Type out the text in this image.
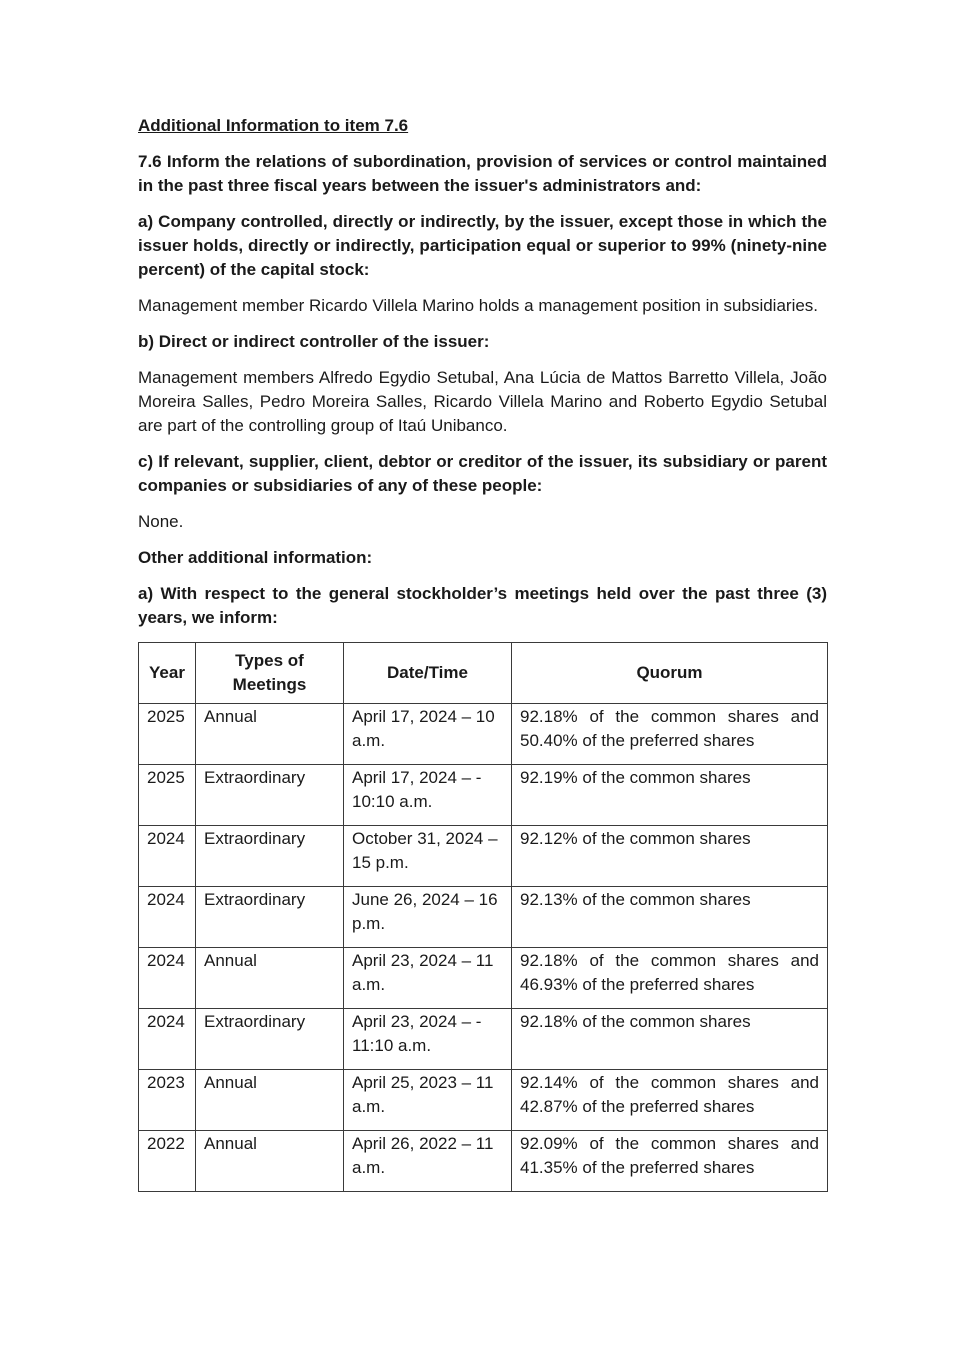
Additional Information to item 7.6

7.6 Inform the relations of subordination, provision of services or control maintained in the past three fiscal years between the issuer's administrators and:

a) Company controlled, directly or indirectly, by the issuer, except those in which the issuer holds, directly or indirectly, participation equal or superior to 99% (ninety-nine percent) of the capital stock:

Management member Ricardo Villela Marino holds a management position in subsidiaries.

b) Direct or indirect controller of the issuer:

Management members Alfredo Egydio Setubal, Ana Lúcia de Mattos Barretto Villela, João Moreira Salles, Pedro Moreira Salles, Ricardo Villela Marino and Roberto Egydio Setubal are part of the controlling group of Itaú Unibanco.

c) If relevant, supplier, client, debtor or creditor of the issuer, its subsidiary or parent companies or subsidiaries of any of these people:

None.

Other additional information:

a) With respect to the general stockholder’s meetings held over the past three (3) years, we inform:

Year	Types of Meetings	Date/Time	Quorum
2025	Annual	April 17, 2024 – 10 a.m.	92.18% of the common shares and 50.40% of the preferred shares
2025	Extraordinary	April 17, 2024 – - 10:10 a.m.	92.19% of the common shares
2024	Extraordinary	October 31, 2024 – 15 p.m.	92.12% of the common shares
2024	Extraordinary	June 26, 2024 – 16 p.m.	92.13% of the common shares
2024	Annual	April 23, 2024 – 11 a.m.	92.18% of the common shares and 46.93% of the preferred shares
2024	Extraordinary	April 23, 2024 – - 11:10 a.m.	92.18% of the common shares
2023	Annual	April 25, 2023 – 11 a.m.	92.14% of the common shares and 42.87% of the preferred shares
2022	Annual	April 26, 2022 – 11 a.m.	92.09% of the common shares and 41.35% of the preferred shares
